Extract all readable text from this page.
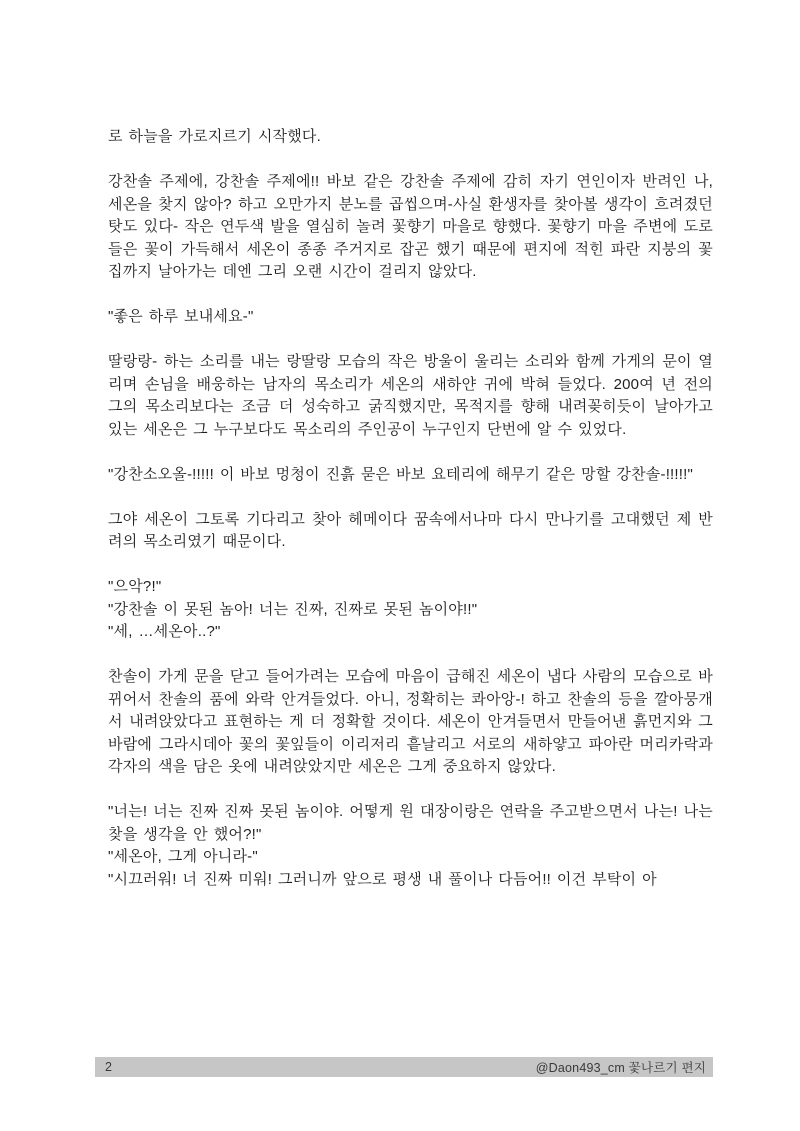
로 하늘을 가로지르기 시작했다.
강찬솔 주제에, 강찬솔 주제에!! 바보 같은 강찬솔 주제에 감히 자기 연인이자 반려인 나, 세온을 찾지 않아? 하고 오만가지 분노를 곱씹으며-사실 환생자를 찾아볼 생각이 흐려졌던 탓도 있다- 작은 연두색 발을 열심히 놀려 꽃향기 마을로 향했다. 꽃향기 마을 주변에 도로들은 꽃이 가득해서 세온이 종종 주거지로 잡곤 했기 때문에 편지에 적힌 파란 지붕의 꽃집까지 날아가는 데엔 그리 오랜 시간이 걸리지 않았다.
"좋은 하루 보내세요-"
딸랑랑- 하는 소리를 내는 랑딸랑 모습의 작은 방울이 울리는 소리와 함께 가게의 문이 열리며 손님을 배웅하는 남자의 목소리가 세온의 새하얀 귀에 박혀 들었다. 200여 년 전의 그의 목소리보다는 조금 더 성숙하고 굵직했지만, 목적지를 향해 내려꽂히듯이 날아가고 있는 세온은 그 누구보다도 목소리의 주인공이 누구인지 단번에 알 수 있었다.
"강찬소오올-!!!!! 이 바보 멍청이 진흙 묻은 바보 요테리에 해무기 같은 망할 강찬솔-!!!!!"
그야 세온이 그토록 기다리고 찾아 헤메이다 꿈속에서나마 다시 만나기를 고대했던 제 반려의 목소리였기 때문이다.
"으악?!"
"강찬솔 이 못된 놈아! 너는 진짜, 진짜로 못된 놈이야!!"
"세, …세온아..?"
찬솔이 가게 문을 닫고 들어가려는 모습에 마음이 급해진 세온이 냅다 사람의 모습으로 바뀌어서 찬솔의 품에 와락 안겨들었다. 아니, 정확히는 콰아앙-! 하고 찬솔의 등을 깔아뭉개서 내려앉았다고 표현하는 게 더 정확할 것이다. 세온이 안겨들면서 만들어낸 흙먼지와 그 바람에 그라시데아 꽃의 꽃잎들이 이리저리 흩날리고 서로의 새하얗고 파아란 머리카락과 각자의 색을 담은 옷에 내려앉았지만 세온은 그게 중요하지 않았다.
"너는! 너는 진짜 진짜 못된 놈이야. 어떻게 원 대장이랑은 연락을 주고받으면서 나는! 나는 찾을 생각을 안 했어?!"
"세온아, 그게 아니라-"
"시끄러워! 너 진짜 미워! 그러니까 앞으로 평생 내 풀이나 다듬어!! 이건 부탁이 아
2	@Daon493_cm 꽃나르기 편지
